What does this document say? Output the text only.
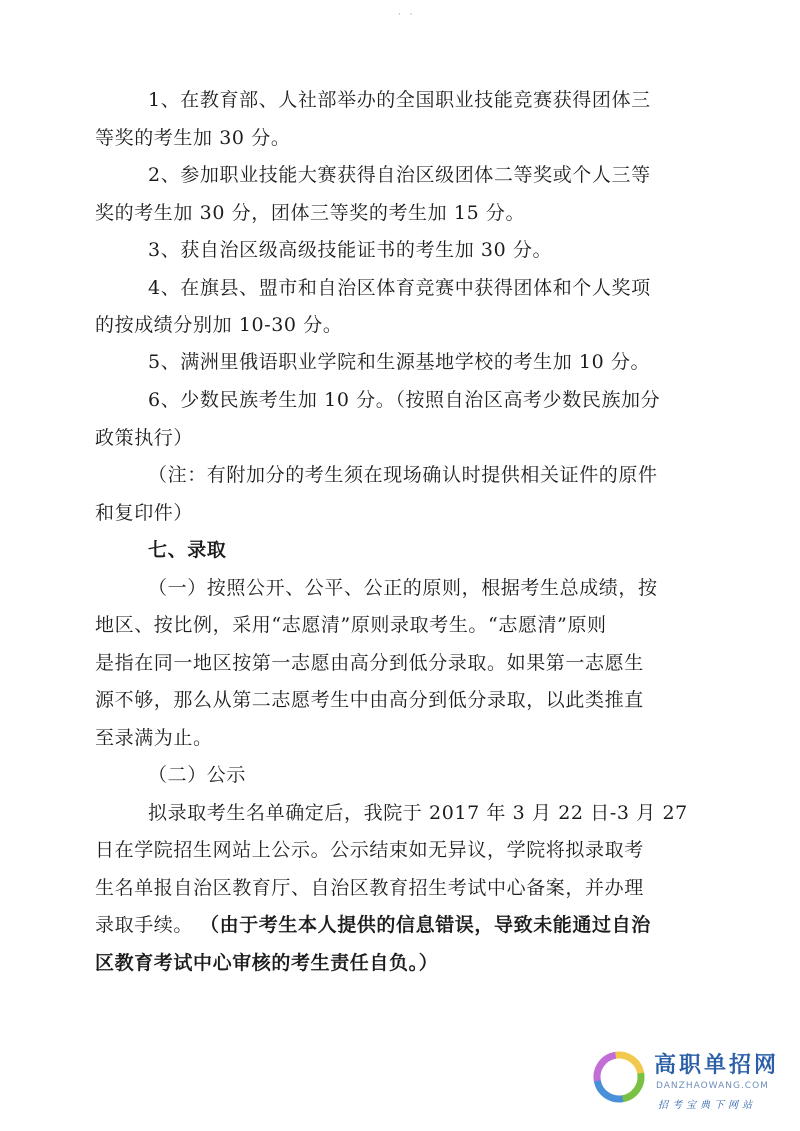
· ·
1、在教育部、人社部举办的全国职业技能竞赛获得团体三
等奖的考生加 30 分。
2、参加职业技能大赛获得自治区级团体二等奖或个人三等
奖的考生加 30 分，团体三等奖的考生加 15 分。
3、获自治区级高级技能证书的考生加 30 分。
4、在旗县、盟市和自治区体育竞赛中获得团体和个人奖项
的按成绩分别加 10-30 分。
5、满洲里俄语职业学院和生源基地学校的考生加 10 分。
6、少数民族考生加 10 分。（按照自治区高考少数民族加分
政策执行）
（注：有附加分的考生须在现场确认时提供相关证件的原件
和复印件）
七、录取
（一）按照公开、公平、公正的原则，根据考生总成绩，按
地区、按比例，采用“志愿清”原则录取考生。“志愿清”原则
是指在同一地区按第一志愿由高分到低分录取。如果第一志愿生
源不够，那么从第二志愿考生中由高分到低分录取，以此类推直
至录满为止。
（二）公示
拟录取考生名单确定后，我院于 2017 年 3 月 22 日-3 月 27
日在学院招生网站上公示。公示结束如无异议，学院将拟录取考
生名单报自治区教育厅、自治区教育招生考试中心备案，并办理
录取手续。 （由于考生本人提供的信息错误，导致未能通过自治
区教育考试中心审核的考生责任自负。）
高职单招网
DANZHAOWANG.COM
招考宝典下网站
